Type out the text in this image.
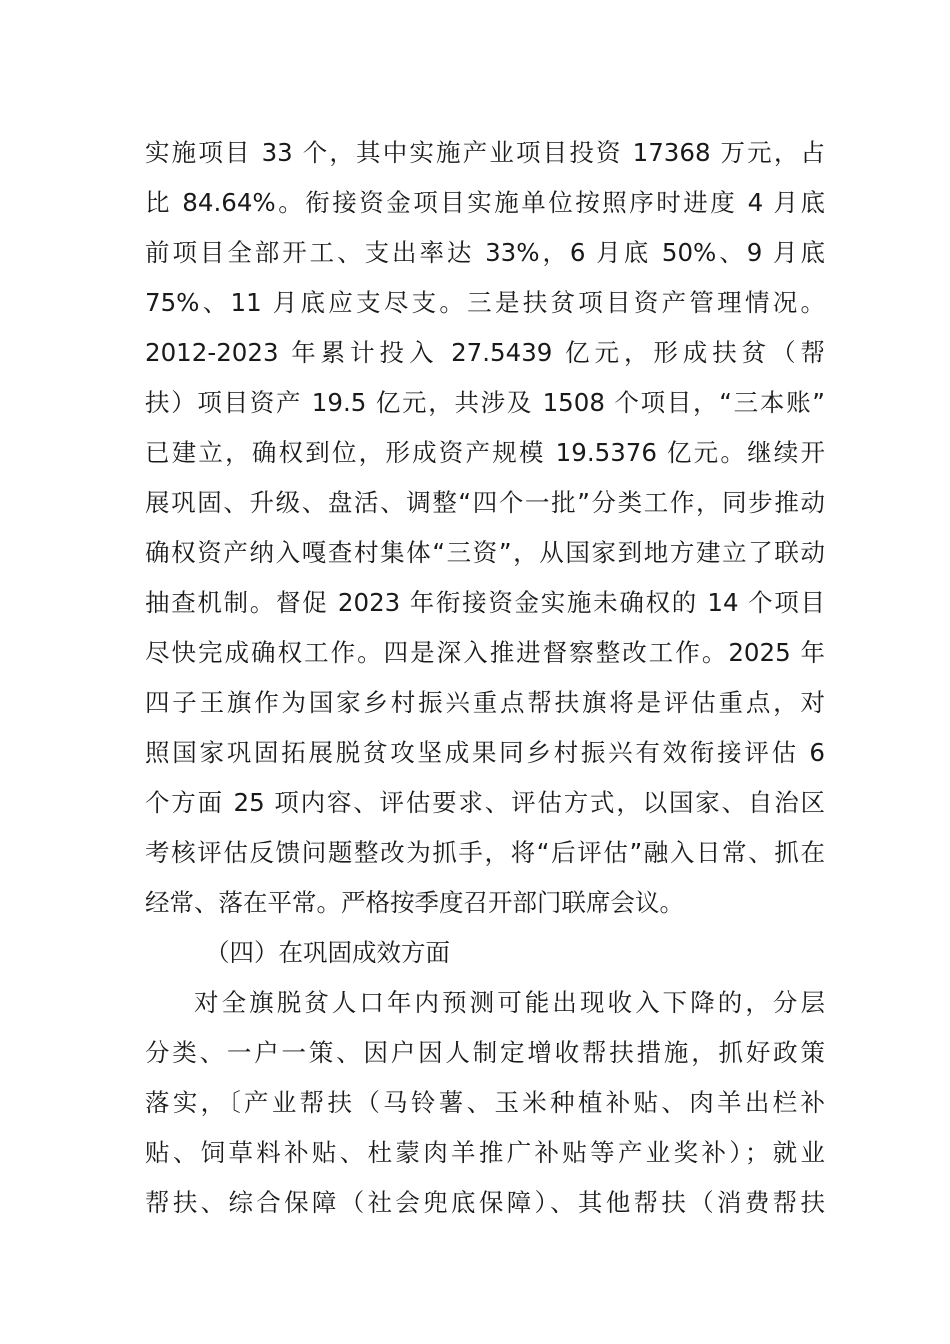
实施项目 33 个，其中实施产业项目投资 17368 万元，占
比 84.64%。衔接资金项目实施单位按照序时进度 4 月底
前项目全部开工、支出率达 33%，6 月底 50%、9 月底
75%、11 月底应支尽支。三是扶贫项目资产管理情况。
2012-2023 年累计投入 27.5439 亿元，形成扶贫（帮
扶）项目资产 19.5 亿元，共涉及 1508 个项目，“三本账”
已建立，确权到位，形成资产规模 19.5376 亿元。继续开
展巩固、升级、盘活、调整“四个一批”分类工作，同步推动
确权资产纳入嘎查村集体“三资”，从国家到地方建立了联动
抽查机制。督促 2023 年衔接资金实施未确权的 14 个项目
尽快完成确权工作。四是深入推进督察整改工作。2025 年
四子王旗作为国家乡村振兴重点帮扶旗将是评估重点，对
照国家巩固拓展脱贫攻坚成果同乡村振兴有效衔接评估 6
个方面 25 项内容、评估要求、评估方式，以国家、自治区
考核评估反馈问题整改为抓手，将“后评估”融入日常、抓在
经常、落在平常。严格按季度召开部门联席会议。
（四）在巩固成效方面
对全旗脱贫人口年内预测可能出现收入下降的，分层
分类、一户一策、因户因人制定增收帮扶措施，抓好政策
落实，〔产业帮扶（马铃薯、玉米种植补贴、肉羊出栏补
贴、饲草料补贴、杜蒙肉羊推广补贴等产业奖补）；就业
帮扶、综合保障（社会兜底保障）、其他帮扶（消费帮扶
